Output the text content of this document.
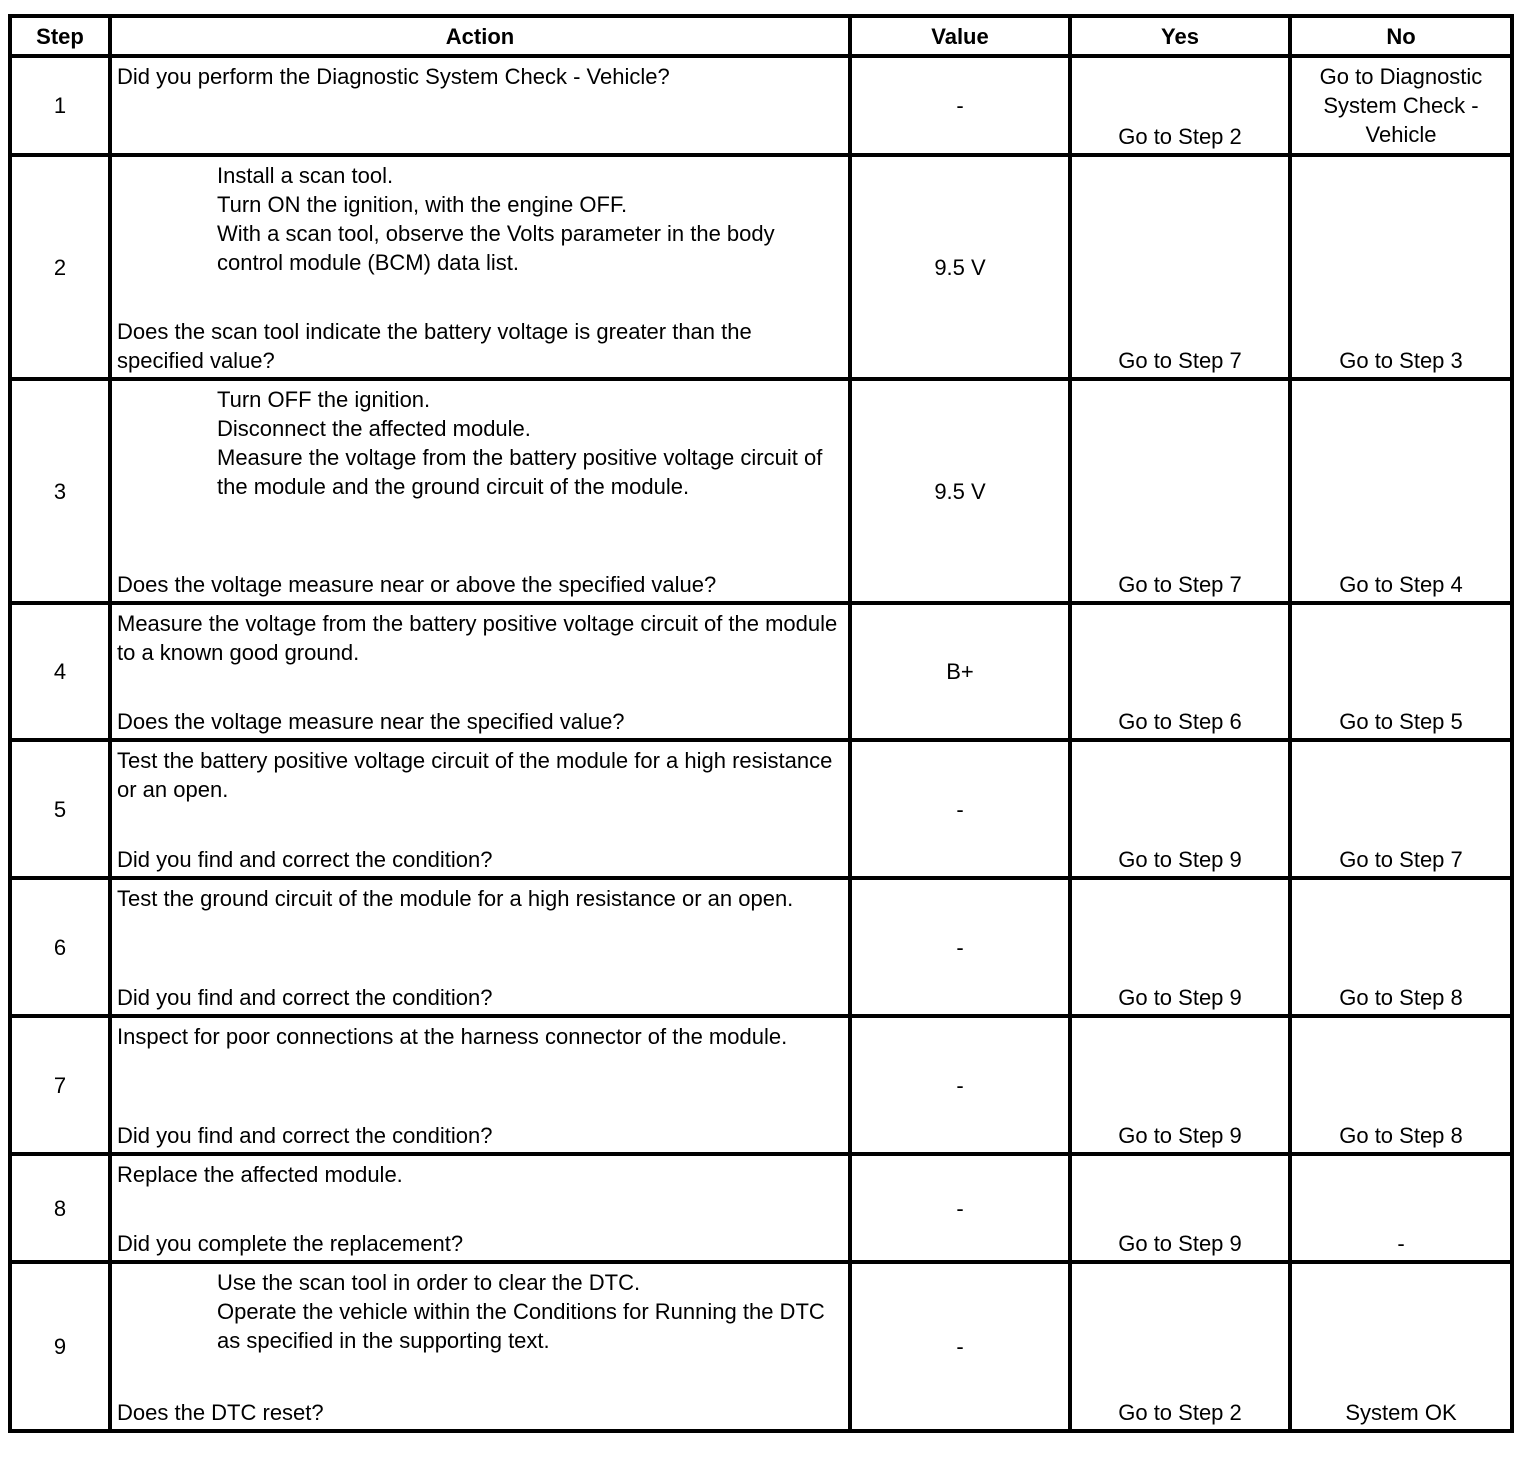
Step	Action	Value	Yes	No
1	Did you perform the Diagnostic System Check - Vehicle?	-	Go to Step 2	Go to Diagnostic System Check - Vehicle
2	Install a scan tool.
Turn ON the ignition, with the engine OFF.
With a scan tool, observe the Volts parameter in the body control module (BCM) data list.
Does the scan tool indicate the battery voltage is greater than the specified value?	9.5 V	Go to Step 7	Go to Step 3
3	Turn OFF the ignition.
Disconnect the affected module.
Measure the voltage from the battery positive voltage circuit of the module and the ground circuit of the module.
Does the voltage measure near or above the specified value?	9.5 V	Go to Step 7	Go to Step 4
4	Measure the voltage from the battery positive voltage circuit of the module to a known good ground.
Does the voltage measure near the specified value?	B+	Go to Step 6	Go to Step 5
5	Test the battery positive voltage circuit of the module for a high resistance or an open.
Did you find and correct the condition?	-	Go to Step 9	Go to Step 7
6	Test the ground circuit of the module for a high resistance or an open.
Did you find and correct the condition?	-	Go to Step 9	Go to Step 8
7	Inspect for poor connections at the harness connector of the module.
Did you find and correct the condition?	-	Go to Step 9	Go to Step 8
8	Replace the affected module.
Did you complete the replacement?	-	Go to Step 9	-
9	Use the scan tool in order to clear the DTC.
Operate the vehicle within the Conditions for Running the DTC as specified in the supporting text.
Does the DTC reset?	-	Go to Step 2	System OK
